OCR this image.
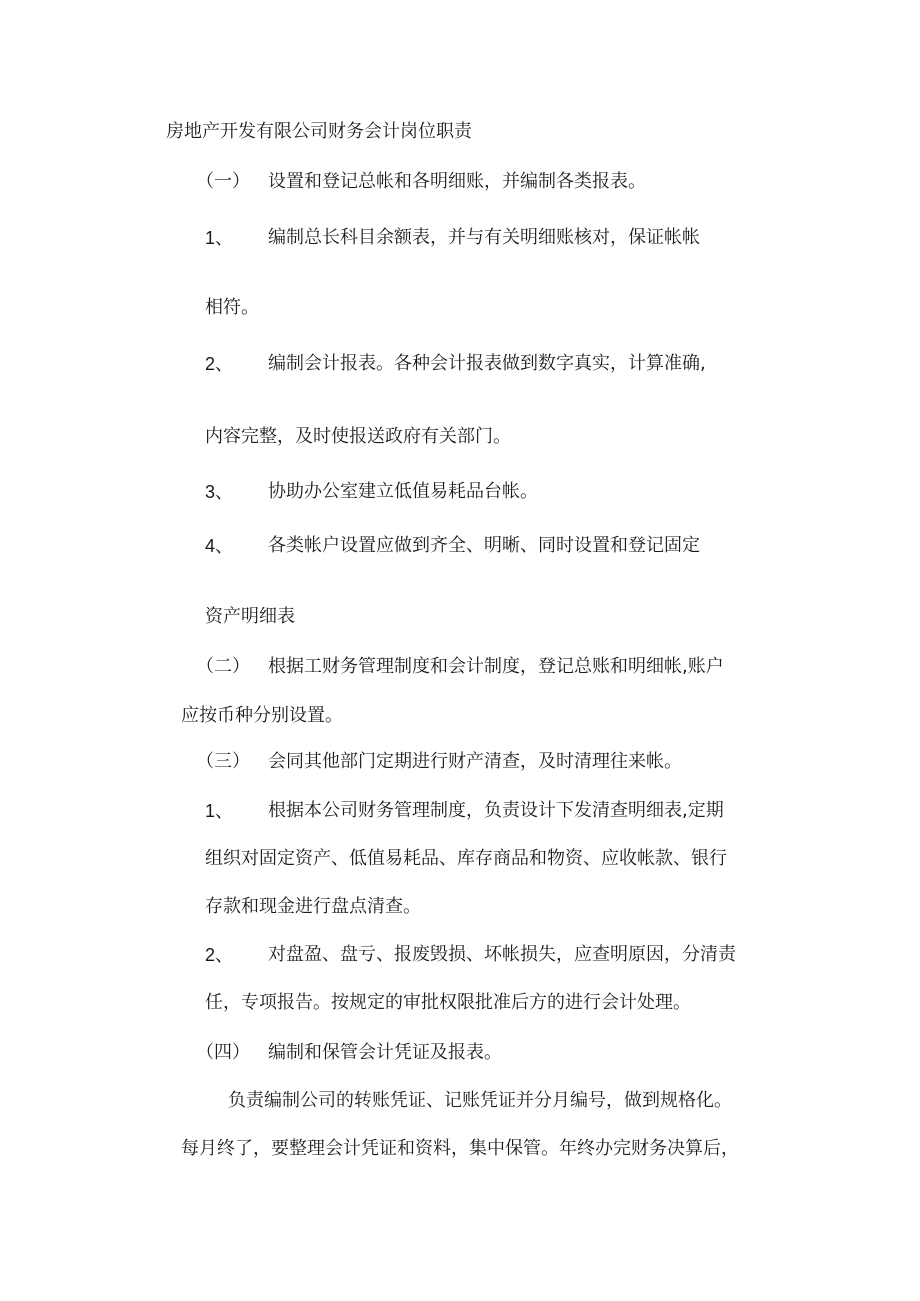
房地产开发有限公司财务会计岗位职责
（一） 设置和登记总帐和各明细账，并编制各类报表。
1、 编制总长科目余额表，并与有关明细账核对，保证帐帐
相符。
2、 编制会计报表。各种会计报表做到数字真实，计算准确,
内容完整，及时使报送政府有关部门。
3、 协助办公室建立低值易耗品台帐。
4、 各类帐户设置应做到齐全、明晰、同时设置和登记固定
资产明细表
（二） 根据工财务管理制度和会计制度，登记总账和明细帐,账户
应按币种分别设置。
（三） 会同其他部门定期进行财产清查，及时清理往来帐。
1、 根据本公司财务管理制度，负责设计下发清查明细表,定期
组织对固定资产、低值易耗品、库存商品和物资、应收帐款、银行
存款和现金进行盘点清查。
2、 对盘盈、盘亏、报废毁损、坏帐损失，应查明原因，分清责
任，专项报告。按规定的审批权限批准后方的进行会计处理。
（四） 编制和保管会计凭证及报表。
负责编制公司的转账凭证、记账凭证并分月编号，做到规格化。
每月终了，要整理会计凭证和资料，集中保管。年终办完财务决算后，
